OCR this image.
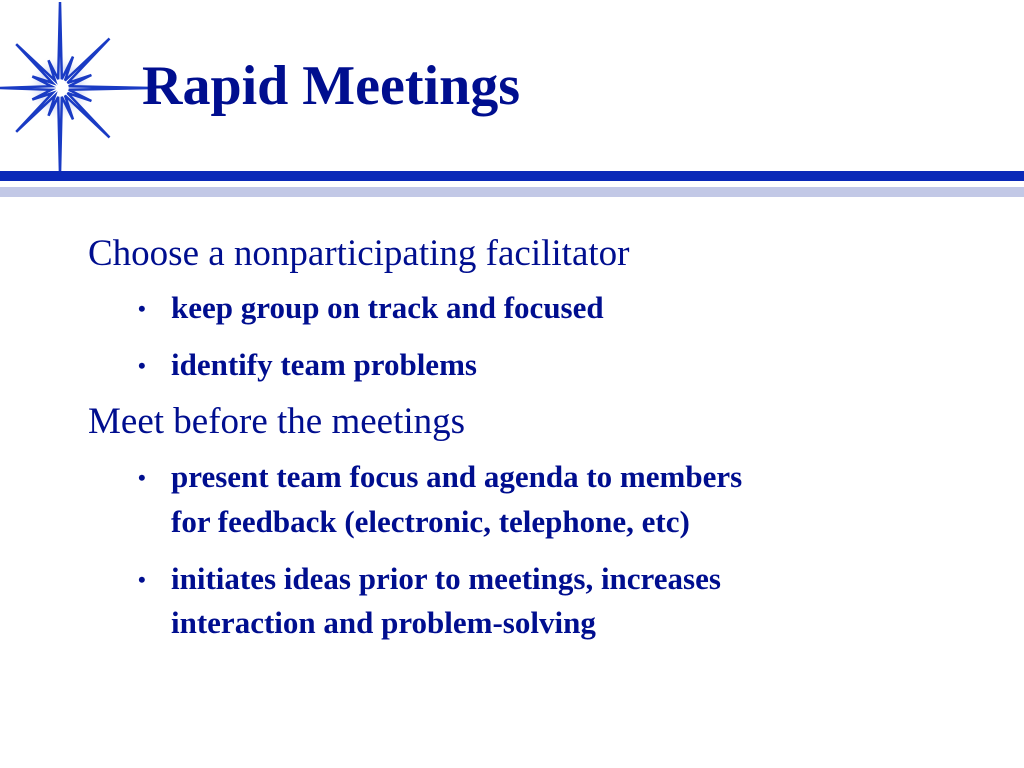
Rapid Meetings

Choose a nonparticipating facilitator

• keep group on track and focused
• identify team problems

Meet before the meetings

• present team focus and agenda to members
for feedback (electronic, telephone, etc)
• initiates ideas prior to meetings, increases
interaction and problem-solving
